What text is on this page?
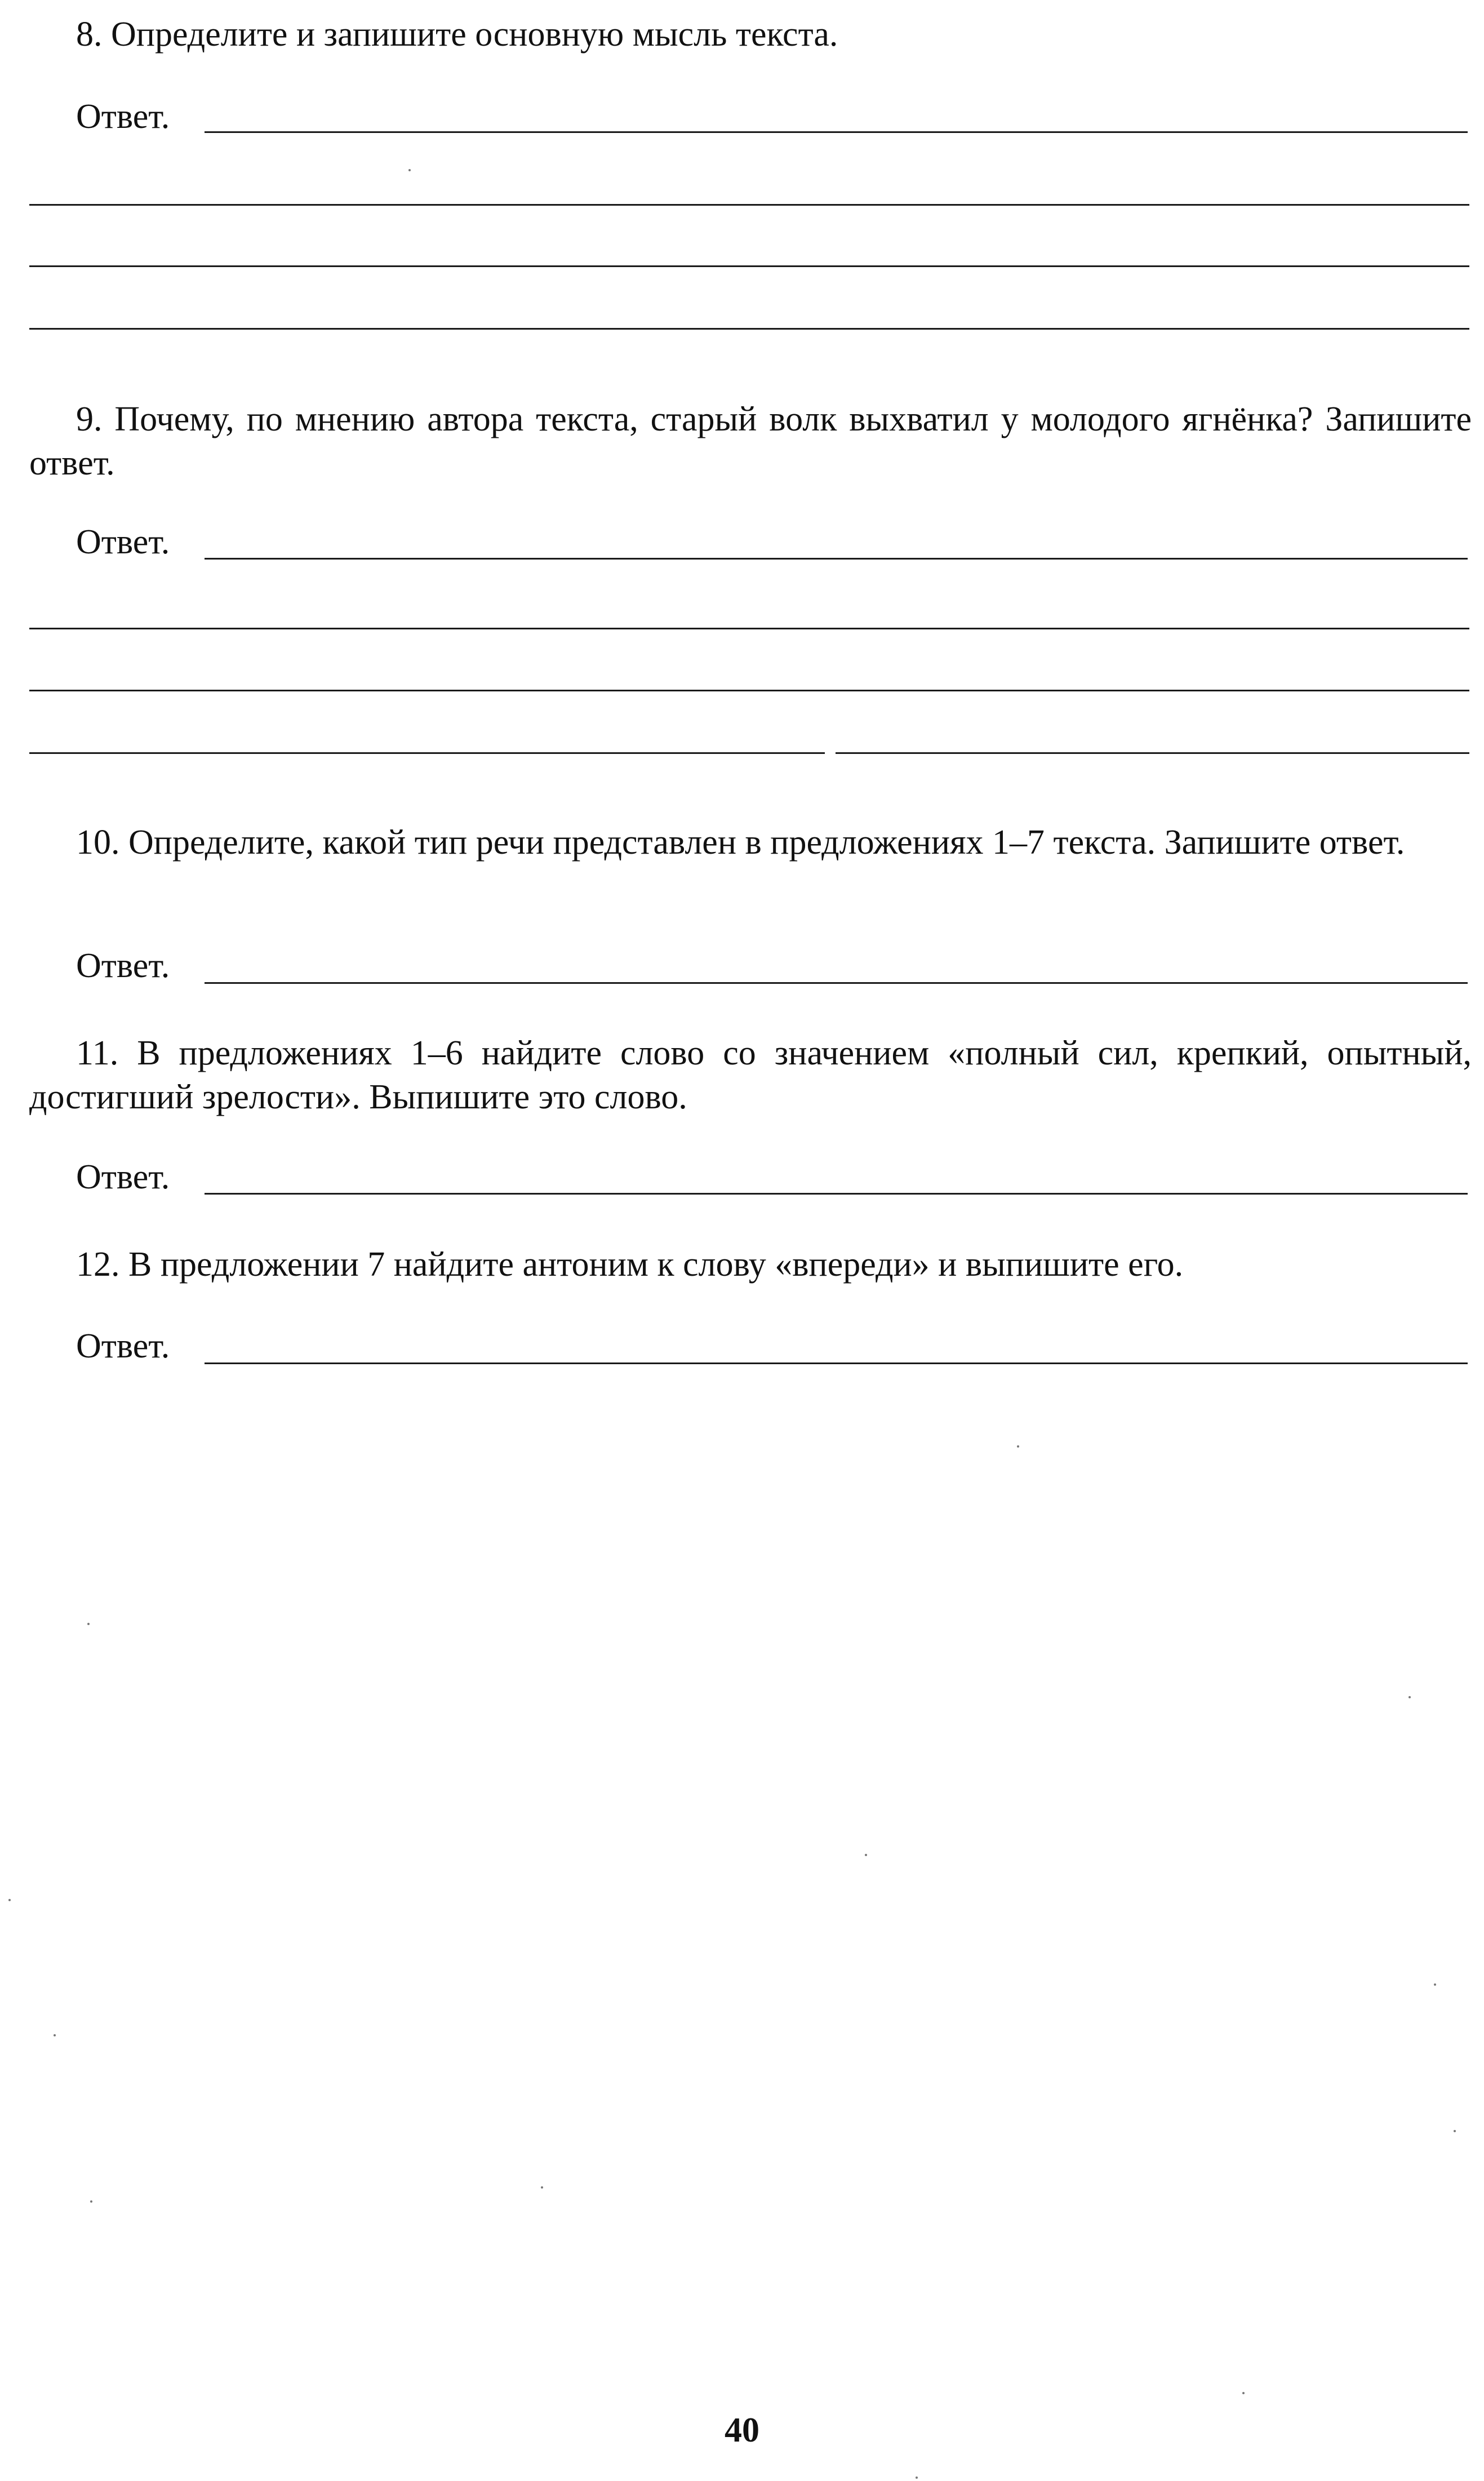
8. Определите и запишите основную мысль текста.

Ответ.

9. Почему, по мнению автора текста, старый волк выхватил у молодого ягнёнка? Запишите ответ.

Ответ.

10. Определите, какой тип речи представлен в предложениях 1–7 текста. Запишите ответ.

Ответ.

11. В предложениях 1–6 найдите слово со значением «полный сил, крепкий, опытный, достигший зрелости». Выпишите это слово.

Ответ.

12. В предложении 7 найдите антоним к слову «впереди» и выпишите его.

Ответ.
40
